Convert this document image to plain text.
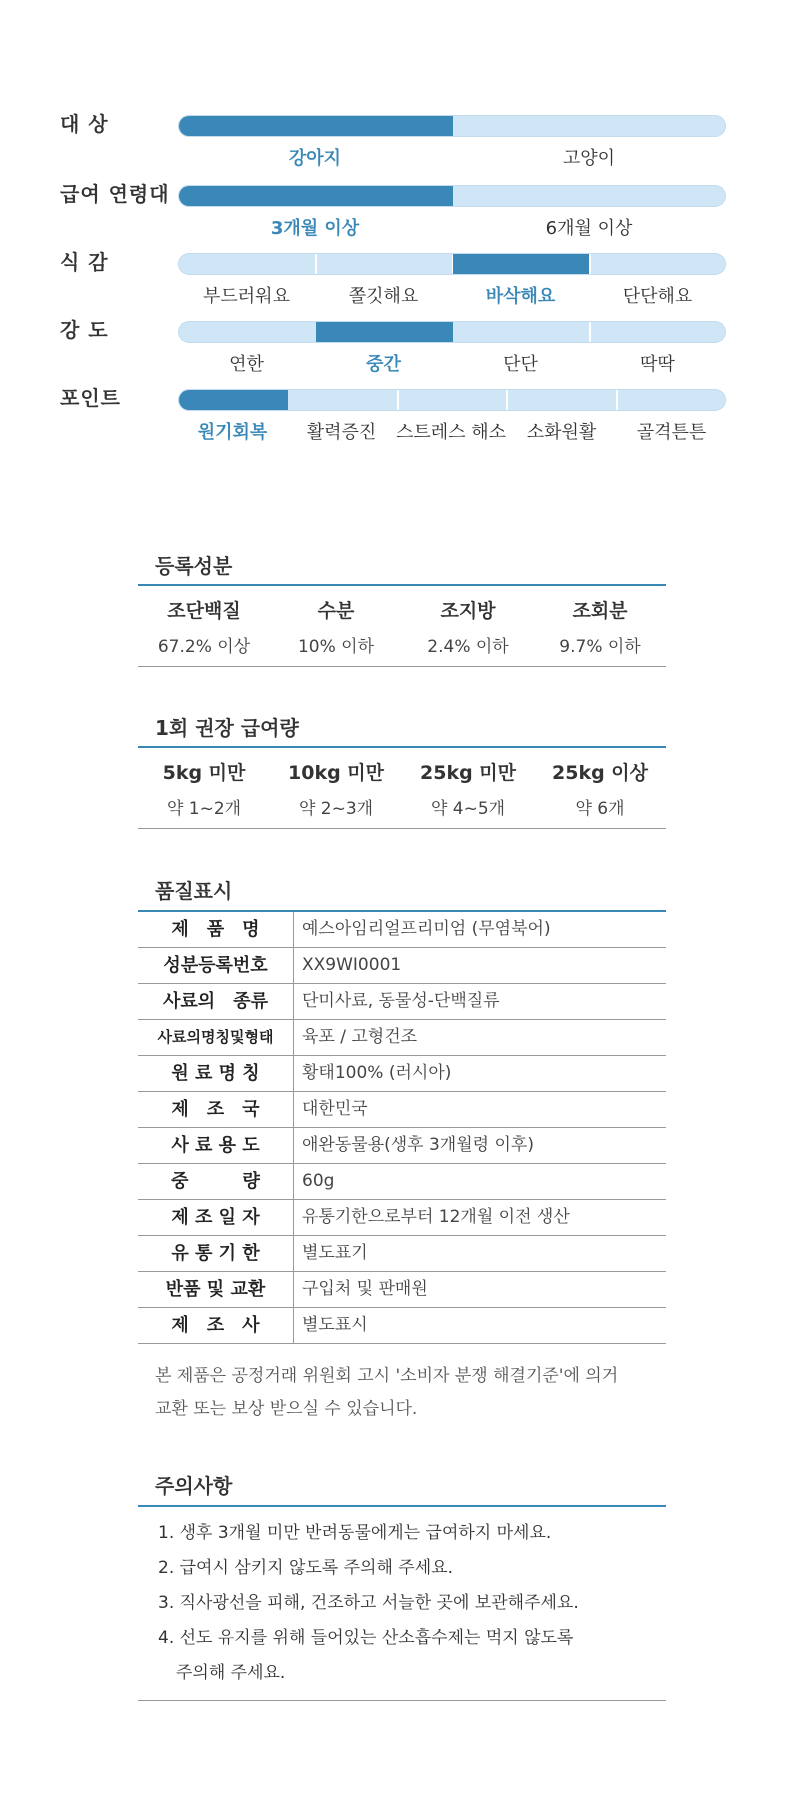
대 상
강아지	고양이
급여 연령대
3개월 이상	6개월 이상
식 감
부드러워요	쫄깃해요	바삭해요	단단해요
강 도
연한	중간	단단	딱딱
포인트
원기회복	활력증진	스트레스 해소	소화원활	골격튼튼
등록성분
조단백질	수분	조지방	조회분
67.2% 이상	10% 이하	2.4% 이하	9.7% 이하
1회 권장 급여량
5kg 미만	10kg 미만	25kg 미만	25kg 이상
약 1~2개	약 2~3개	약 4~5개	약 6개
품질표시
제　품　명	예스아임리얼프리미엄 (무염북어)
성분등록번호	XX9WI0001
사료의　종류	단미사료, 동물성-단백질류
사료의명칭및형태	육포 / 고형건조
원 료 명 칭	황태100% (러시아)
제　조　국	대한민국
사 료 용 도	애완동물용(생후 3개월령 이후)
중　　　량	60g
제 조 일 자	유통기한으로부터 12개월 이전 생산
유 통 기 한	별도표기
반품 및 교환	구입처 및 판매원
제　조　사	별도표시
본 제품은 공정거래 위원회 고시 '소비자 분쟁 해결기준'에 의거
교환 또는 보상 받으실 수 있습니다.
주의사항
1. 생후 3개월 미만 반려동물에게는 급여하지 마세요.
2. 급여시 삼키지 않도록 주의해 주세요.
3. 직사광선을 피해, 건조하고 서늘한 곳에 보관해주세요.
4. 선도 유지를 위해 들어있는 산소흡수제는 먹지 않도록
주의해 주세요.
